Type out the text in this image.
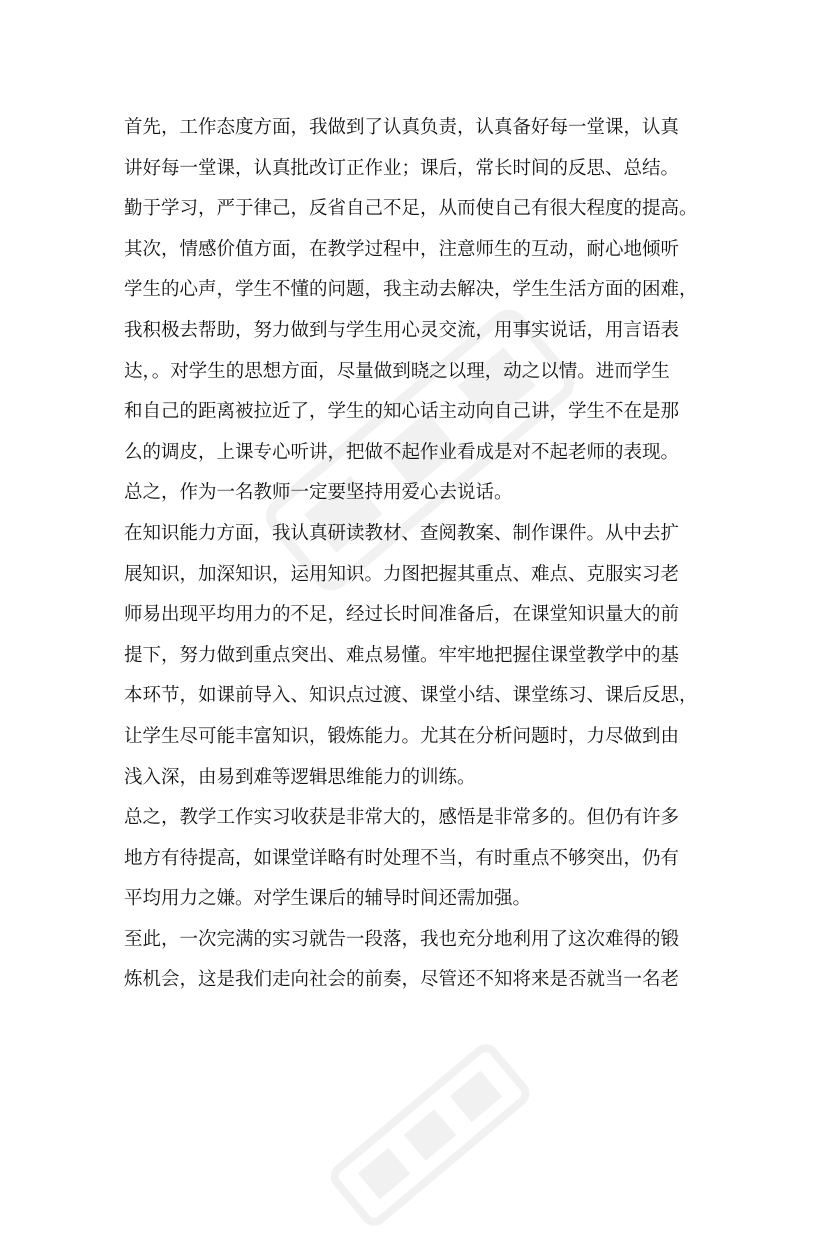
首先，工作态度方面，我做到了认真负责，认真备好每一堂课，认真
讲好每一堂课，认真批改订正作业；课后，常长时间的反思、总结。
勤于学习，严于律己，反省自己不足，从而使自己有很大程度的提高。
其次，情感价值方面，在教学过程中，注意师生的互动，耐心地倾听
学生的心声，学生不懂的问题，我主动去解决，学生生活方面的困难，
我积极去帮助，努力做到与学生用心灵交流，用事实说话，用言语表
达，。对学生的思想方面，尽量做到晓之以理，动之以情。进而学生
和自己的距离被拉近了，学生的知心话主动向自己讲，学生不在是那
么的调皮，上课专心听讲，把做不起作业看成是对不起老师的表现。
总之，作为一名教师一定要坚持用爱心去说话。
在知识能力方面，我认真研读教材、查阅教案、制作课件。从中去扩
展知识，加深知识，运用知识。力图把握其重点、难点、克服实习老
师易出现平均用力的不足，经过长时间准备后，在课堂知识量大的前
提下，努力做到重点突出、难点易懂。牢牢地把握住课堂教学中的基
本环节，如课前导入、知识点过渡、课堂小结、课堂练习、课后反思，
让学生尽可能丰富知识，锻炼能力。尤其在分析问题时，力尽做到由
浅入深，由易到难等逻辑思维能力的训练。
总之，教学工作实习收获是非常大的，感悟是非常多的。但仍有许多
地方有待提高，如课堂详略有时处理不当，有时重点不够突出，仍有
平均用力之嫌。对学生课后的辅导时间还需加强。
至此，一次完满的实习就告一段落，我也充分地利用了这次难得的锻
炼机会，这是我们走向社会的前奏，尽管还不知将来是否就当一名老
